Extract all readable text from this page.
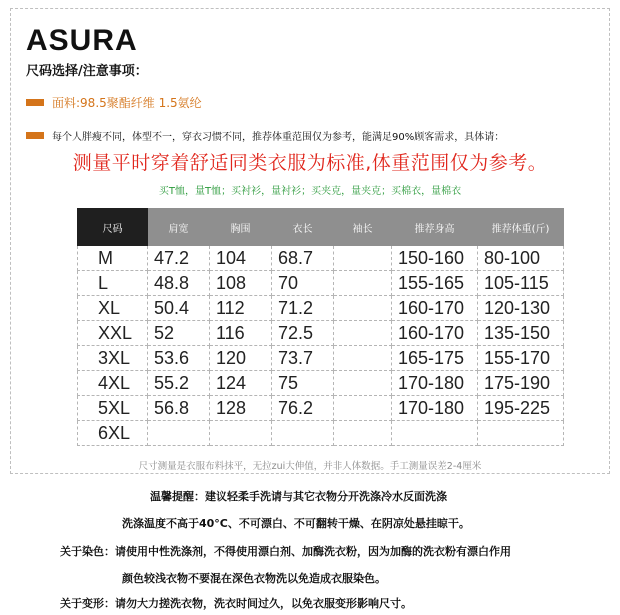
ASURA
尺码选择/注意事项：
面料:98.5聚酯纤维 1.5氨纶
每个人胖瘦不同，体型不一，穿衣习惯不同，推荐体重范围仅为参考，能满足90%顾客需求，具体请：
测量平时穿着舒适同类衣服为标准,体重范围仅为参考。
买T恤，量T恤；买衬衫，量衬衫；买夹克，量夹克；买棉衣，量棉衣
尺码	肩宽	胸围	衣长	袖长	推荐身高	推荐体重(斤)
M	47.2	104	68.7		150-160	80-100
L	48.8	108	70		155-165	105-115
XL	50.4	112	71.2		160-170	120-130
XXL	52	116	72.5		160-170	135-150
3XL	53.6	120	73.7		165-175	155-170
4XL	55.2	124	75		170-180	175-190
5XL	56.8	128	76.2		170-180	195-225
6XL						
尺寸测量是衣服布料抹平，无拉zui大伸值，并非人体数据。手工测量误差2-4厘米
温馨提醒：建议轻柔手洗请与其它衣物分开洗涤冷水反面洗涤
洗涤温度不高于40°C、不可漂白、不可翻转干燥、在阴凉处悬挂晾干。
关于染色：请使用中性洗涤剂，不得使用漂白剂、加酶洗衣粉，因为加酶的洗衣粉有漂白作用
颜色较浅衣物不要混在深色衣物洗以免造成衣服染色。
关于变形：请勿大力搓洗衣物，洗衣时间过久，以免衣服变形影响尺寸。
